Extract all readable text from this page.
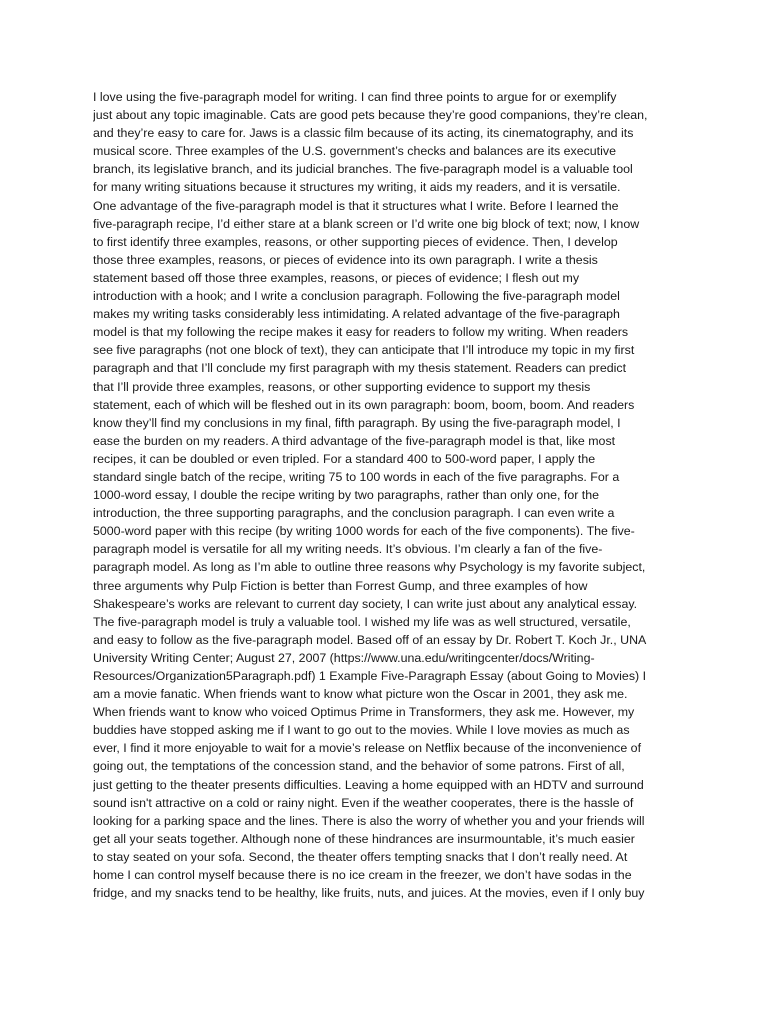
I love using the five-paragraph model for writing. I can find three points to argue for or exemplify
just about any topic imaginable. Cats are good pets because they’re good companions, they’re clean,
and they’re easy to care for. Jaws is a classic film because of its acting, its cinematography, and its
musical score. Three examples of the U.S. government’s checks and balances are its executive
branch, its legislative branch, and its judicial branches. The five-paragraph model is a valuable tool
for many writing situations because it structures my writing, it aids my readers, and it is versatile.
One advantage of the five-paragraph model is that it structures what I write. Before I learned the
five-paragraph recipe, I’d either stare at a blank screen or I’d write one big block of text; now, I know
to first identify three examples, reasons, or other supporting pieces of evidence. Then, I develop
those three examples, reasons, or pieces of evidence into its own paragraph. I write a thesis
statement based off those three examples, reasons, or pieces of evidence; I flesh out my
introduction with a hook; and I write a conclusion paragraph. Following the five-paragraph model
makes my writing tasks considerably less intimidating. A related advantage of the five-paragraph
model is that my following the recipe makes it easy for readers to follow my writing. When readers
see five paragraphs (not one block of text), they can anticipate that I’ll introduce my topic in my first
paragraph and that I’ll conclude my first paragraph with my thesis statement. Readers can predict
that I’ll provide three examples, reasons, or other supporting evidence to support my thesis
statement, each of which will be fleshed out in its own paragraph: boom, boom, boom. And readers
know they’ll find my conclusions in my final, fifth paragraph. By using the five-paragraph model, I
ease the burden on my readers. A third advantage of the five-paragraph model is that, like most
recipes, it can be doubled or even tripled. For a standard 400 to 500-word paper, I apply the
standard single batch of the recipe, writing 75 to 100 words in each of the five paragraphs. For a
1000-word essay, I double the recipe writing by two paragraphs, rather than only one, for the
introduction, the three supporting paragraphs, and the conclusion paragraph. I can even write a
5000-word paper with this recipe (by writing 1000 words for each of the five components). The five-
paragraph model is versatile for all my writing needs. It’s obvious. I’m clearly a fan of the five-
paragraph model. As long as I’m able to outline three reasons why Psychology is my favorite subject,
three arguments why Pulp Fiction is better than Forrest Gump, and three examples of how
Shakespeare’s works are relevant to current day society, I can write just about any analytical essay.
The five-paragraph model is truly a valuable tool. I wished my life was as well structured, versatile,
and easy to follow as the five-paragraph model. Based off of an essay by Dr. Robert T. Koch Jr., UNA
University Writing Center; August 27, 2007 (https://www.una.edu/writingcenter/docs/Writing-
Resources/Organization5Paragraph.pdf) 1 Example Five-Paragraph Essay (about Going to Movies) I
am a movie fanatic. When friends want to know what picture won the Oscar in 2001, they ask me.
When friends want to know who voiced Optimus Prime in Transformers, they ask me. However, my
buddies have stopped asking me if I want to go out to the movies. While I love movies as much as
ever, I find it more enjoyable to wait for a movie’s release on Netflix because of the inconvenience of
going out, the temptations of the concession stand, and the behavior of some patrons. First of all,
just getting to the theater presents difficulties. Leaving a home equipped with an HDTV and surround
sound isn't attractive on a cold or rainy night. Even if the weather cooperates, there is the hassle of
looking for a parking space and the lines. There is also the worry of whether you and your friends will
get all your seats together. Although none of these hindrances are insurmountable, it’s much easier
to stay seated on your sofa. Second, the theater offers tempting snacks that I don’t really need. At
home I can control myself because there is no ice cream in the freezer, we don’t have sodas in the
fridge, and my snacks tend to be healthy, like fruits, nuts, and juices. At the movies, even if I only buy
